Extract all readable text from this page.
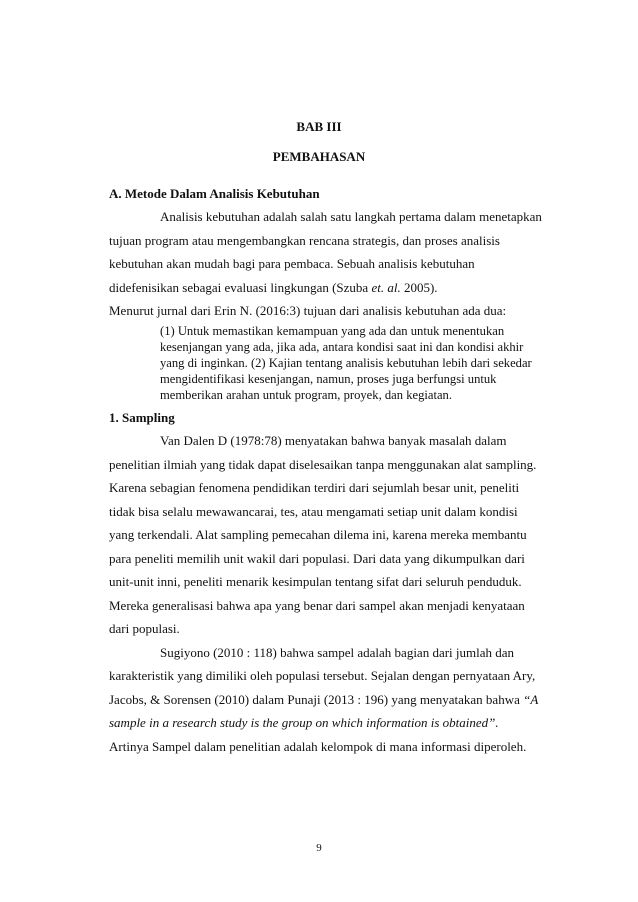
BAB III
PEMBAHASAN
A. Metode Dalam Analisis Kebutuhan
Analisis kebutuhan adalah salah satu langkah pertama dalam menetapkan
tujuan program atau mengembangkan rencana strategis, dan proses analisis
kebutuhan akan mudah bagi para pembaca. Sebuah analisis kebutuhan
didefenisikan sebagai evaluasi lingkungan (Szuba et. al. 2005).
Menurut jurnal dari Erin N. (2016:3) tujuan dari analisis kebutuhan ada dua:
(1) Untuk memastikan kemampuan yang ada dan untuk menentukan
kesenjangan yang ada, jika ada, antara kondisi saat ini dan kondisi akhir
yang di inginkan. (2) Kajian tentang analisis kebutuhan lebih dari sekedar
mengidentifikasi kesenjangan, namun, proses juga berfungsi untuk
memberikan arahan untuk program, proyek, dan kegiatan.
1. Sampling
Van Dalen D (1978:78) menyatakan bahwa banyak masalah dalam
penelitian ilmiah yang tidak dapat diselesaikan tanpa menggunakan alat sampling.
Karena sebagian fenomena pendidikan terdiri dari sejumlah besar unit, peneliti
tidak bisa selalu mewawancarai, tes, atau mengamati setiap unit dalam kondisi
yang terkendali. Alat sampling pemecahan dilema ini, karena mereka membantu
para peneliti memilih unit wakil dari populasi. Dari data yang dikumpulkan dari
unit-unit inni, peneliti menarik kesimpulan tentang sifat dari seluruh penduduk.
Mereka generalisasi bahwa apa yang benar dari sampel akan menjadi kenyataan
dari populasi.
Sugiyono (2010 : 118) bahwa sampel adalah bagian dari jumlah dan
karakteristik yang dimiliki oleh populasi tersebut. Sejalan dengan pernyataan Ary,
Jacobs, & Sorensen (2010) dalam Punaji (2013 : 196) yang menyatakan bahwa “A
sample in a research study is the group on which information is obtained”.
Artinya Sampel dalam penelitian adalah kelompok di mana informasi diperoleh.
9
